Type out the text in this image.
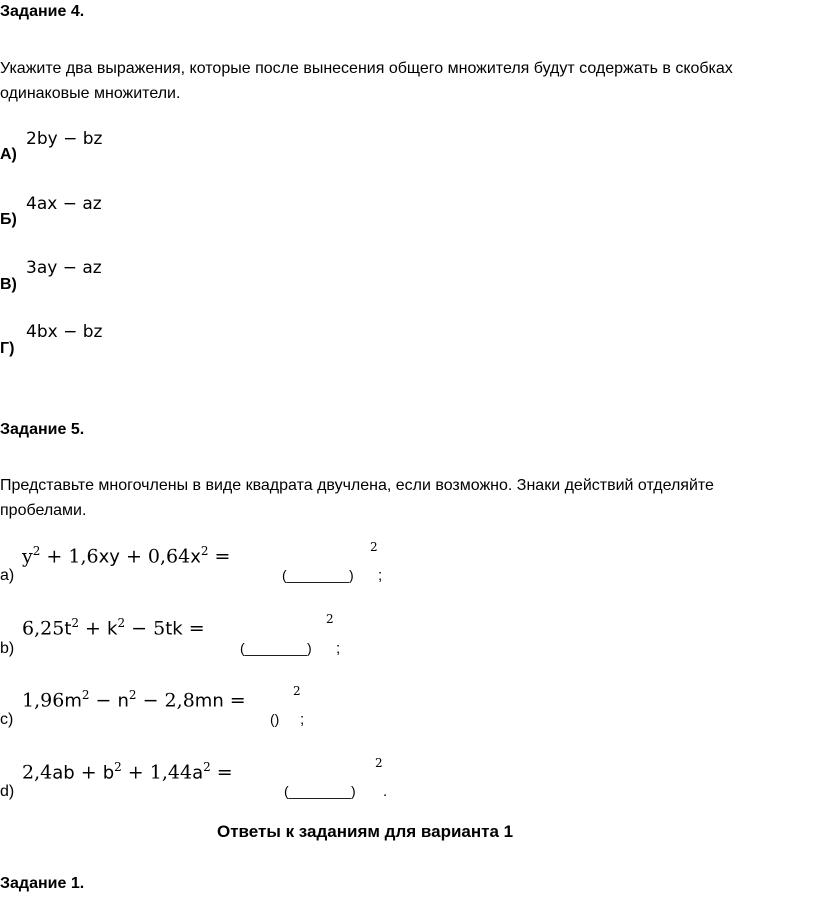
Задание 4.
Укажите два выражения, которые после вынесения общего множителя будут содержать в скобках одинаковые множители.
2by − bz
А)
4ax − az
Б)
3ay − az
В)
4bx − bz
Г)
Задание 5.
Представьте многочлены в виде квадрата двучлена, если возможно. Знаки действий отделяйте пробелами.
$y^2 + 1,6xy + 0,64x^2$ =	2
(________) ;
a)
$6,25t^2 + k^2 - 5tk$ =	2
(________) ;
b)
$1,96m^2 - n^2 - 2,8mn$ =	2
() ;
c)
$2,4ab + b^2 + 1,44a^2$ =	2
(________) .
d)
Ответы к заданиям для варианта 1
Задание 1.
